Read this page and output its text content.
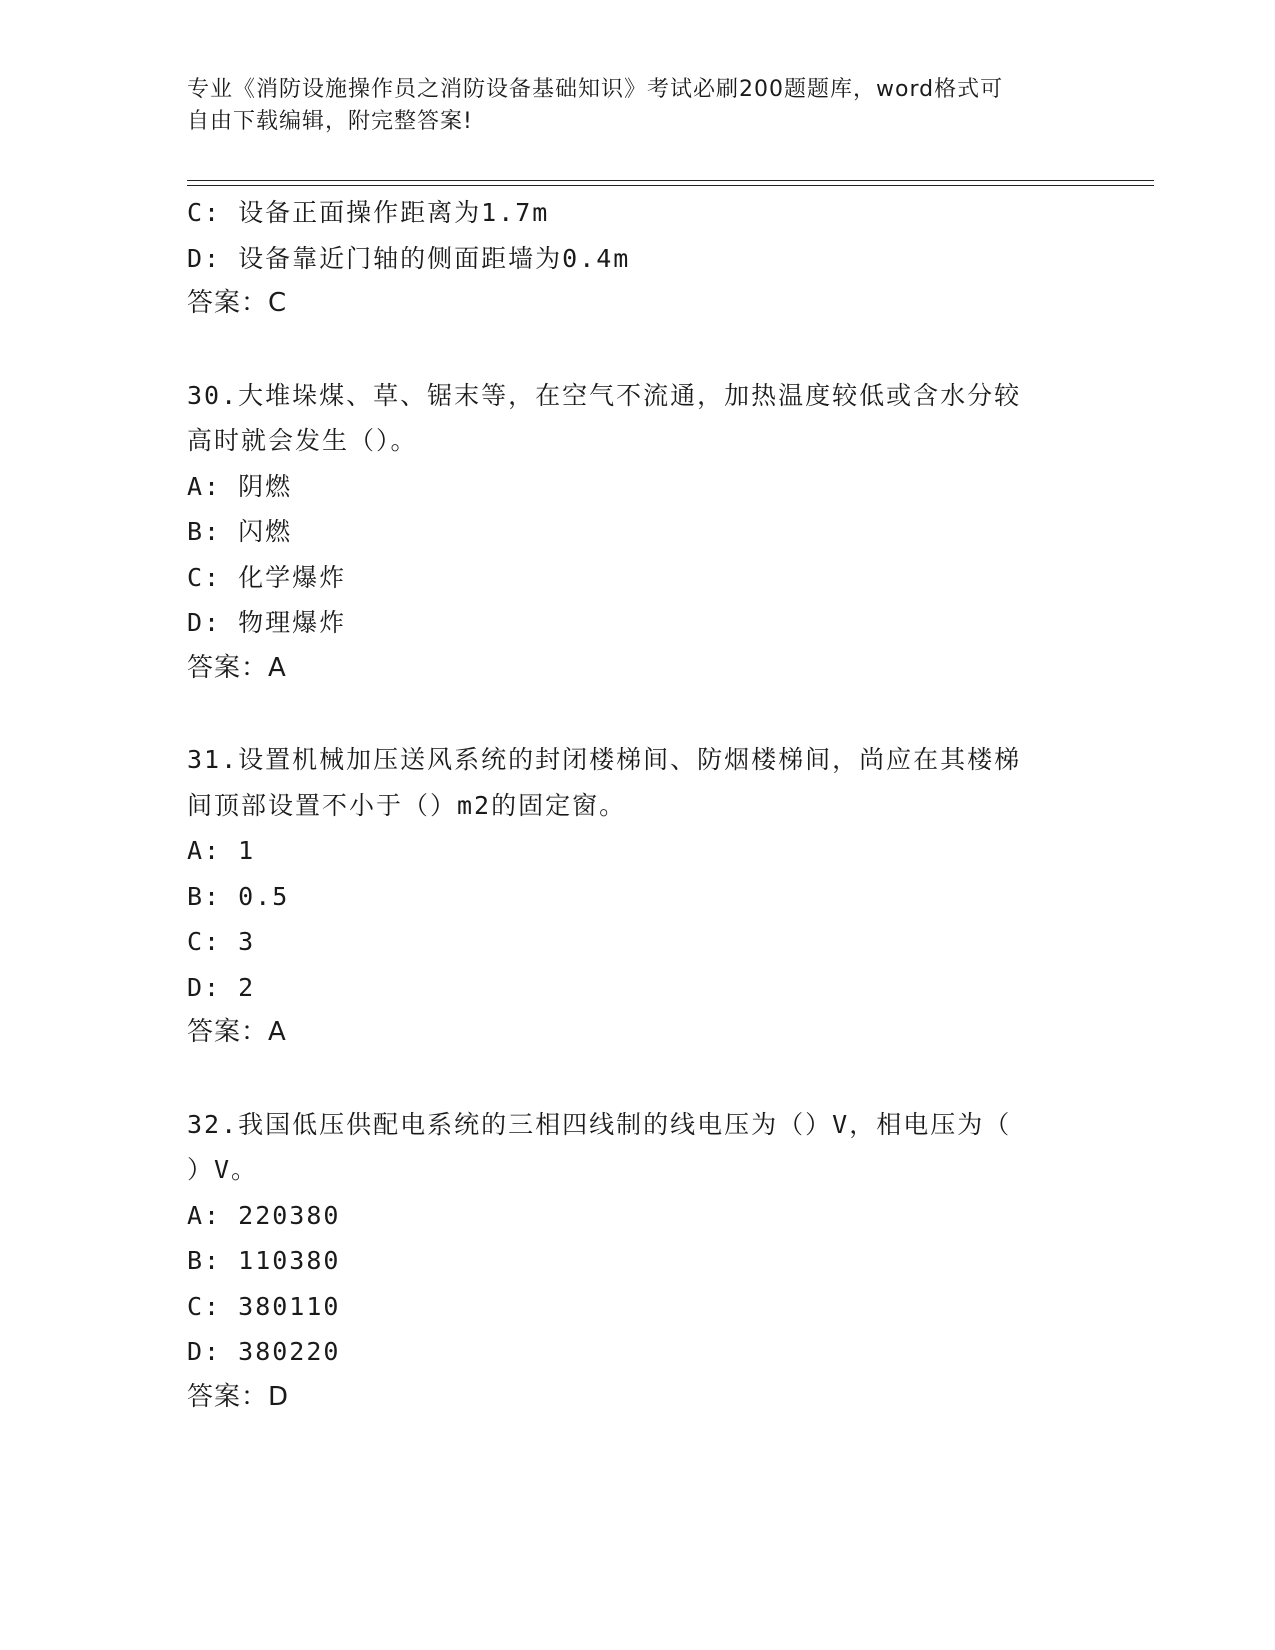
专业《消防设施操作员之消防设备基础知识》考试必刷200题题库，word格式可
自由下载编辑，附完整答案!
C: 设备正面操作距离为1.7m
D: 设备靠近门轴的侧面距墙为0.4m
答案：C
30.大堆垛煤、草、锯末等，在空气不流通，加热温度较低或含水分较
高时就会发生（）。
A: 阴燃
B: 闪燃
C: 化学爆炸
D: 物理爆炸
答案：A
31.设置机械加压送风系统的封闭楼梯间、防烟楼梯间，尚应在其楼梯
间顶部设置不小于（）m2的固定窗。
A: 1
B: 0.5
C: 3
D: 2
答案：A
32.我国低压供配电系统的三相四线制的线电压为（）V，相电压为（
）V。
A: 220380
B: 110380
C: 380110
D: 380220
答案：D
